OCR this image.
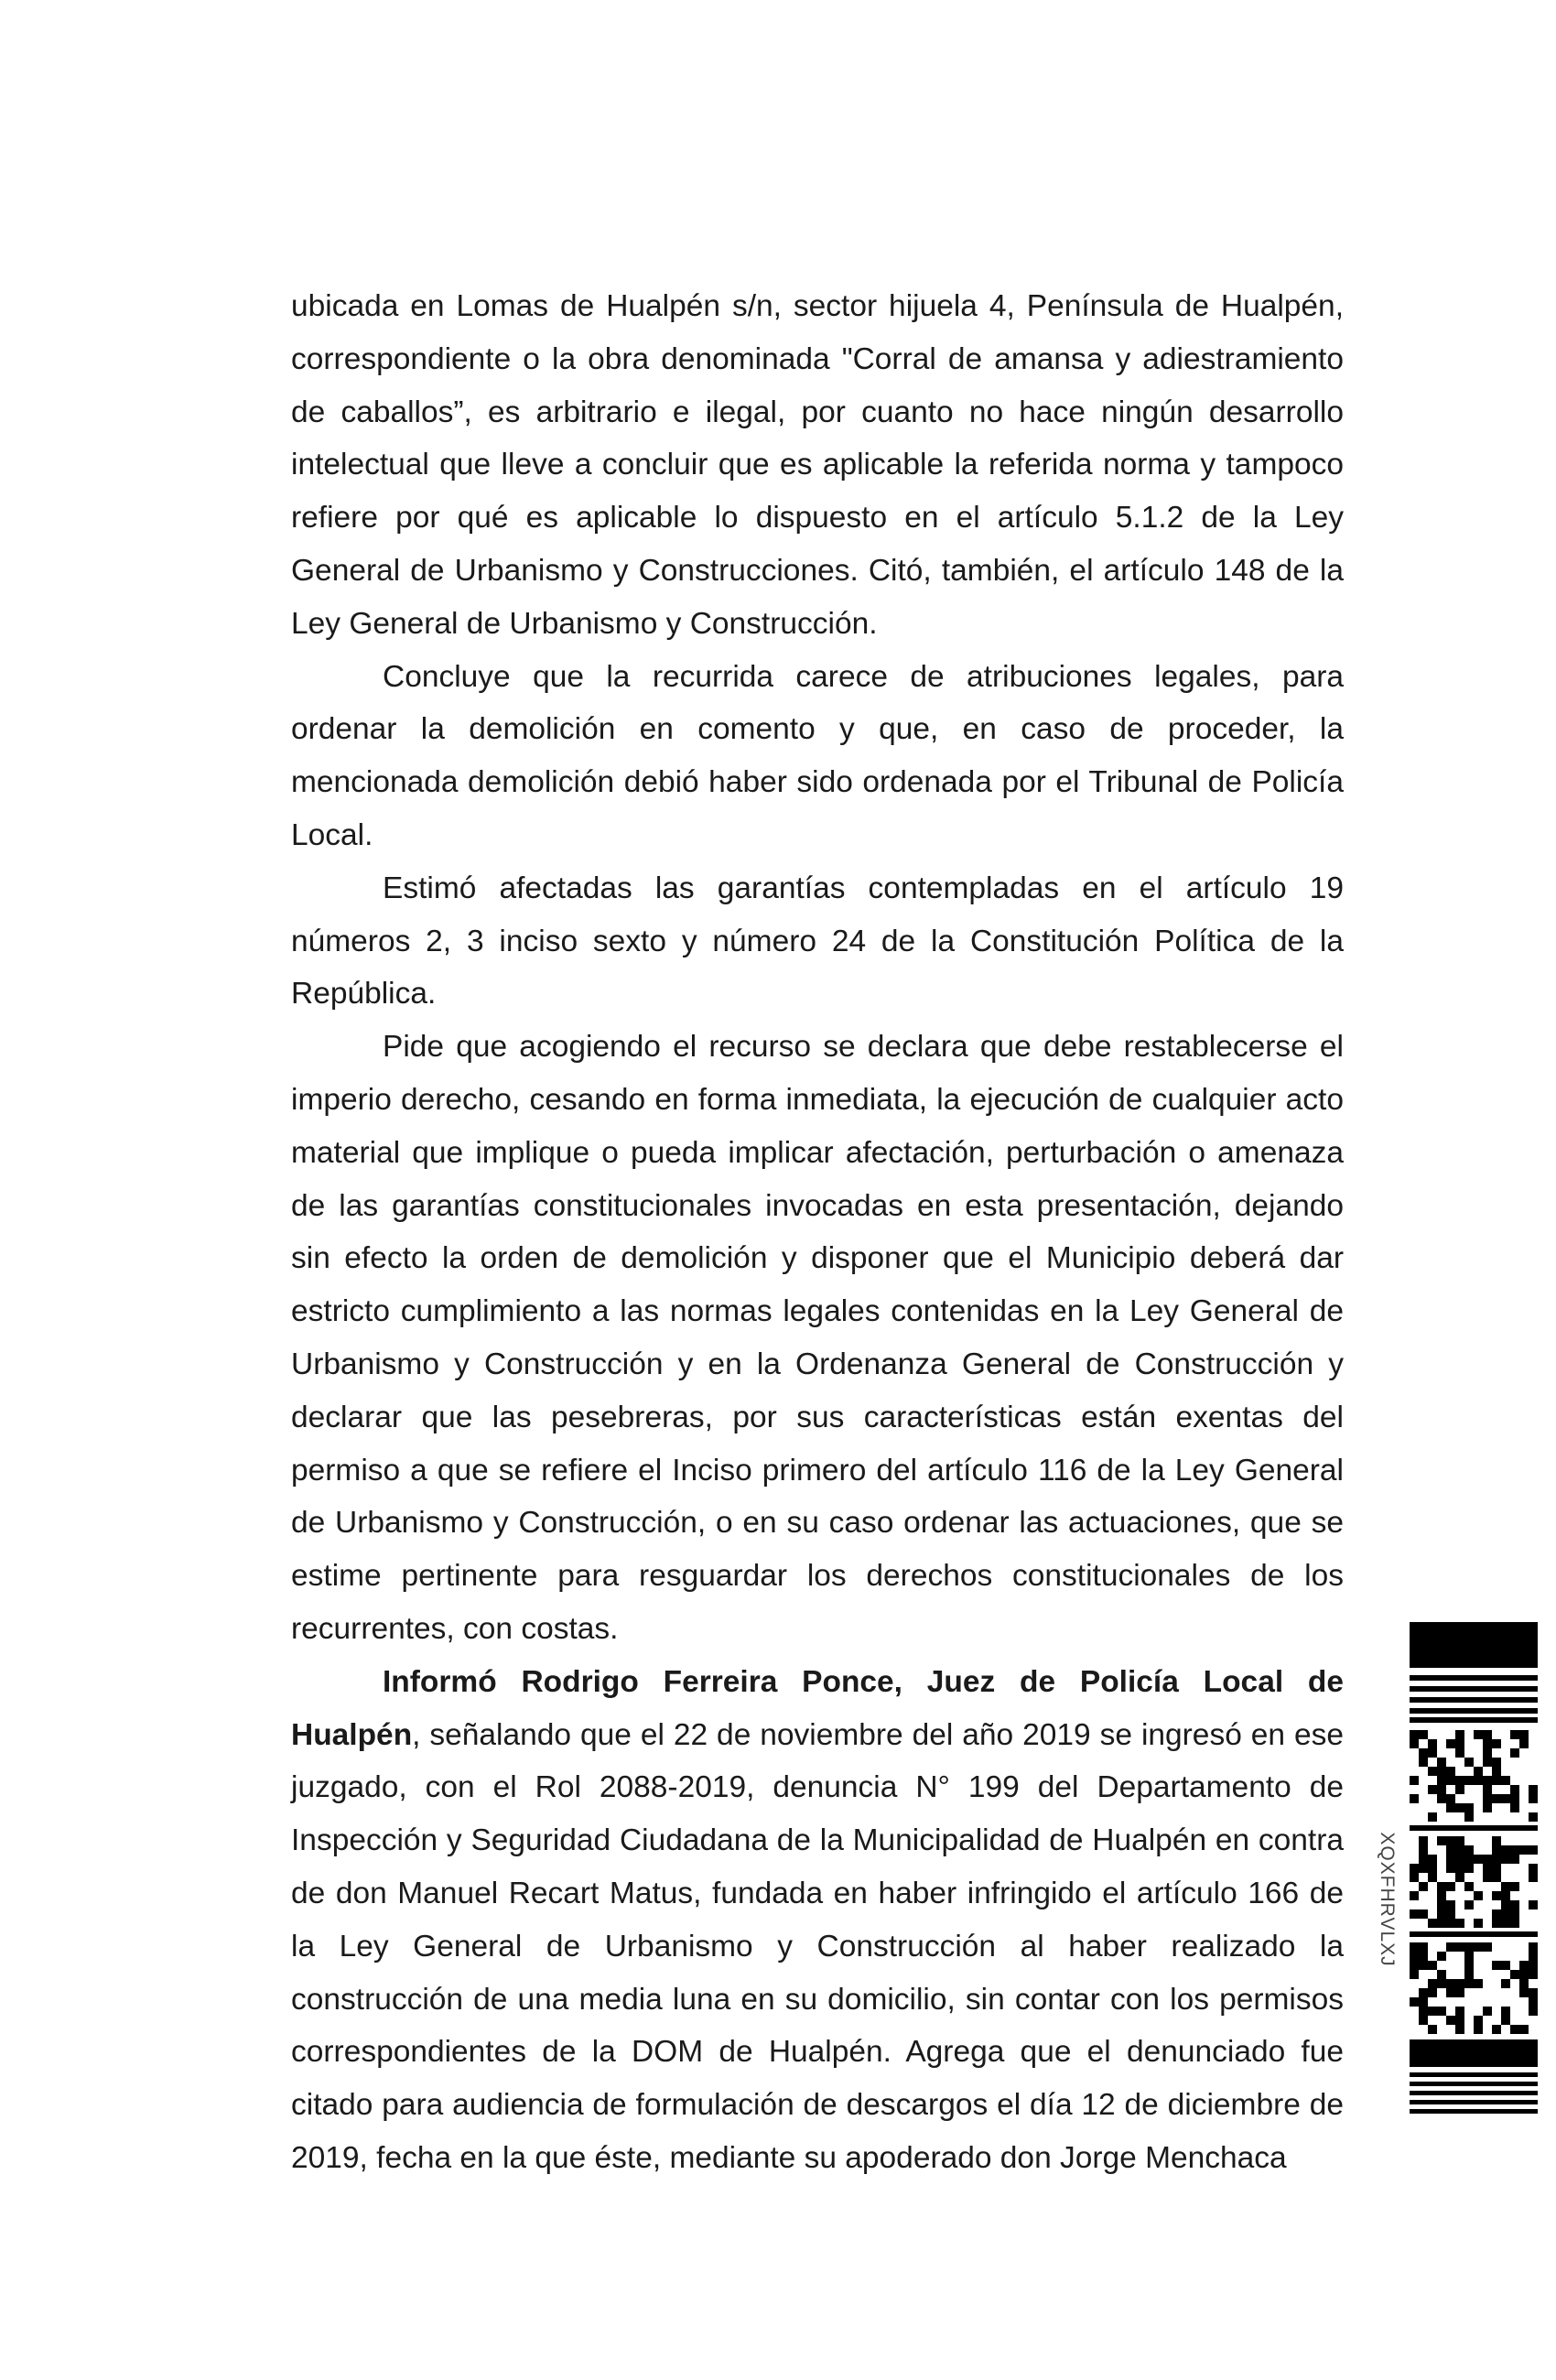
ubicada en Lomas de Hualpén s/n, sector hijuela 4, Península de Hualpén, correspondiente o la obra denominada "Corral de amansa y adiestramiento de caballos”, es arbitrario e ilegal, por cuanto no hace ningún desarrollo intelectual que lleve a concluir que es aplicable la referida norma y tampoco refiere por qué es aplicable lo dispuesto en el artículo 5.1.2 de la Ley General de Urbanismo y Construcciones. Citó, también, el artículo 148 de la Ley General de Urbanismo y Construcción.

Concluye que la recurrida carece de atribuciones legales, para ordenar la demolición en comento y que, en caso de proceder, la mencionada demolición debió haber sido ordenada por el Tribunal de Policía Local.

Estimó afectadas las garantías contempladas en el artículo 19 números 2, 3 inciso sexto y número 24 de la Constitución Política de la República.

Pide que acogiendo el recurso se declara que debe restablecerse el imperio derecho, cesando en forma inmediata, la ejecución de cualquier acto material que implique o pueda implicar afectación, perturbación o amenaza de las garantías constitucionales invocadas en esta presentación, dejando sin efecto la orden de demolición y disponer que el Municipio deberá dar estricto cumplimiento a las normas legales contenidas en la Ley General de Urbanismo y Construcción y en la Ordenanza General de Construcción y declarar que las pesebreras, por sus características están exentas del permiso a que se refiere el Inciso primero del artículo 116 de la Ley General de Urbanismo y Construcción, o en su caso ordenar las actuaciones, que se estime pertinente para resguardar los derechos constitucionales de los recurrentes, con costas.

Informó Rodrigo Ferreira Ponce, Juez de Policía Local de Hualpén, señalando que el 22 de noviembre del año 2019 se ingresó en ese juzgado, con el Rol 2088-2019, denuncia N° 199 del Departamento de Inspección y Seguridad Ciudadana de la Municipalidad de Hualpén en contra de don Manuel Recart Matus, fundada en haber infringido el artículo 166 de la Ley General de Urbanismo y Construcción al haber realizado la construcción de una media luna en su domicilio, sin contar con los permisos correspondientes de la DOM de Hualpén. Agrega que el denunciado fue citado para audiencia de formulación de descargos el día 12 de diciembre de 2019, fecha en la que éste, mediante su apoderado don Jorge Menchaca

XQXFHRVLXJ
